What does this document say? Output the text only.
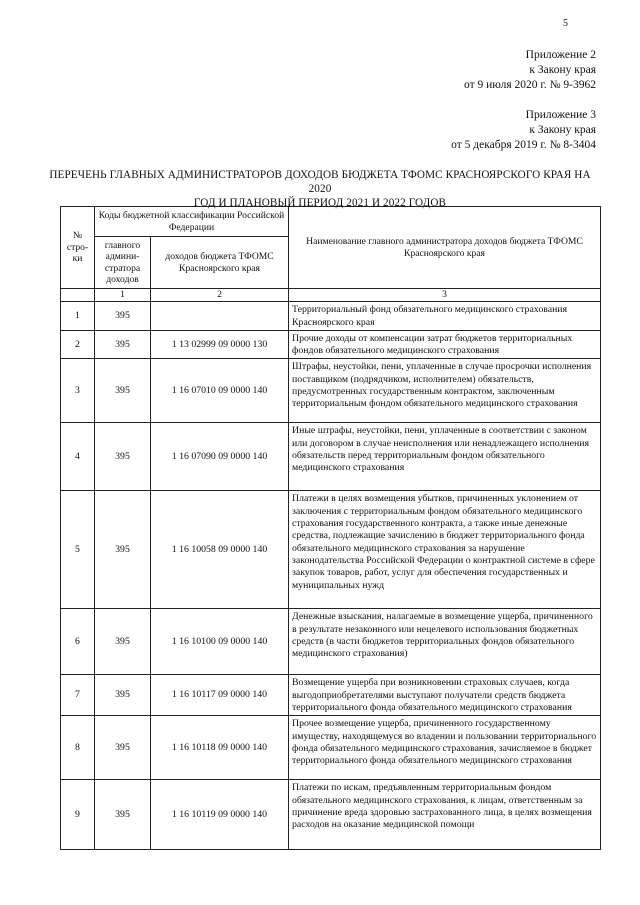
5
Приложение 2
к Закону края
от 9 июля 2020 г. № 9-3962
Приложение 3
к Закону края
от 5 декабря 2019 г. № 8-3404
ПЕРЕЧЕНЬ ГЛАВНЫХ АДМИНИСТРАТОРОВ ДОХОДОВ БЮДЖЕТА ТФОМС КРАСНОЯРСКОГО КРАЯ НА 2020
ГОД И ПЛАНОВЫЙ ПЕРИОД 2021 И 2022 ГОДОВ
№ стро-ки	Коды бюджетной классификации Российской Федерации		Наименование главного администратора доходов бюджета ТФОМС Красноярского края
	главного админи-стратора доходов	доходов бюджета ТФОМС Красноярского края	
	1	2	3
1	395		Территориальный фонд обязательного медицинского страхования Красноярского края
2	395	1 13 02999 09 0000 130	Прочие доходы от компенсации затрат бюджетов территориальных фондов обязательного медицинского страхования
3	395	1 16 07010 09 0000 140	Штрафы, неустойки, пени, уплаченные в случае просрочки исполнения поставщиком (подрядчиком, исполнителем) обязательств, предусмотренных государственным контрактом, заключенным территориальным фондом обязательного медицинского страхования
4	395	1 16 07090 09 0000 140	Иные штрафы, неустойки, пени, уплаченные в соответствии с законом или договором в случае неисполнения или ненадлежащего исполнения обязательств перед территориальным фондом обязательного медицинского страхования
5	395	1 16 10058 09 0000 140	Платежи в целях возмещения убытков, причиненных уклонением от заключения с территориальным фондом обязательного медицинского страхования государственного контракта, а также иные денежные средства, подлежащие зачислению в бюджет территориального фонда обязательного медицинского страхования за нарушение законодательства Российской Федерации о контрактной системе в сфере закупок товаров, работ, услуг для обеспечения государственных и муниципальных нужд
6	395	1 16 10100 09 0000 140	Денежные взыскания, налагаемые в возмещение ущерба, причиненного в результате незаконного или нецелевого использования бюджетных средств (в части бюджетов территориальных фондов обязательного медицинского страхования)
7	395	1 16 10117 09 0000 140	Возмещение ущерба при возникновении страховых случаев, когда выгодоприобретателями выступают получатели средств бюджета территориального фонда обязательного медицинского страхования
8	395	1 16 10118 09 0000 140	Прочее возмещение ущерба, причиненного государственному имуществу, находящемуся во владении и пользовании территориального фонда обязательного медицинского страхования, зачисляемое в бюджет территориального фонда обязательного медицинского страхования
9	395	1 16 10119 09 0000 140	Платежи по искам, предъявленным территориальным фондом обязательного медицинского страхования, к лицам, ответственным за причинение вреда здоровью застрахованного лица, в целях возмещения расходов на оказание медицинской помощи
